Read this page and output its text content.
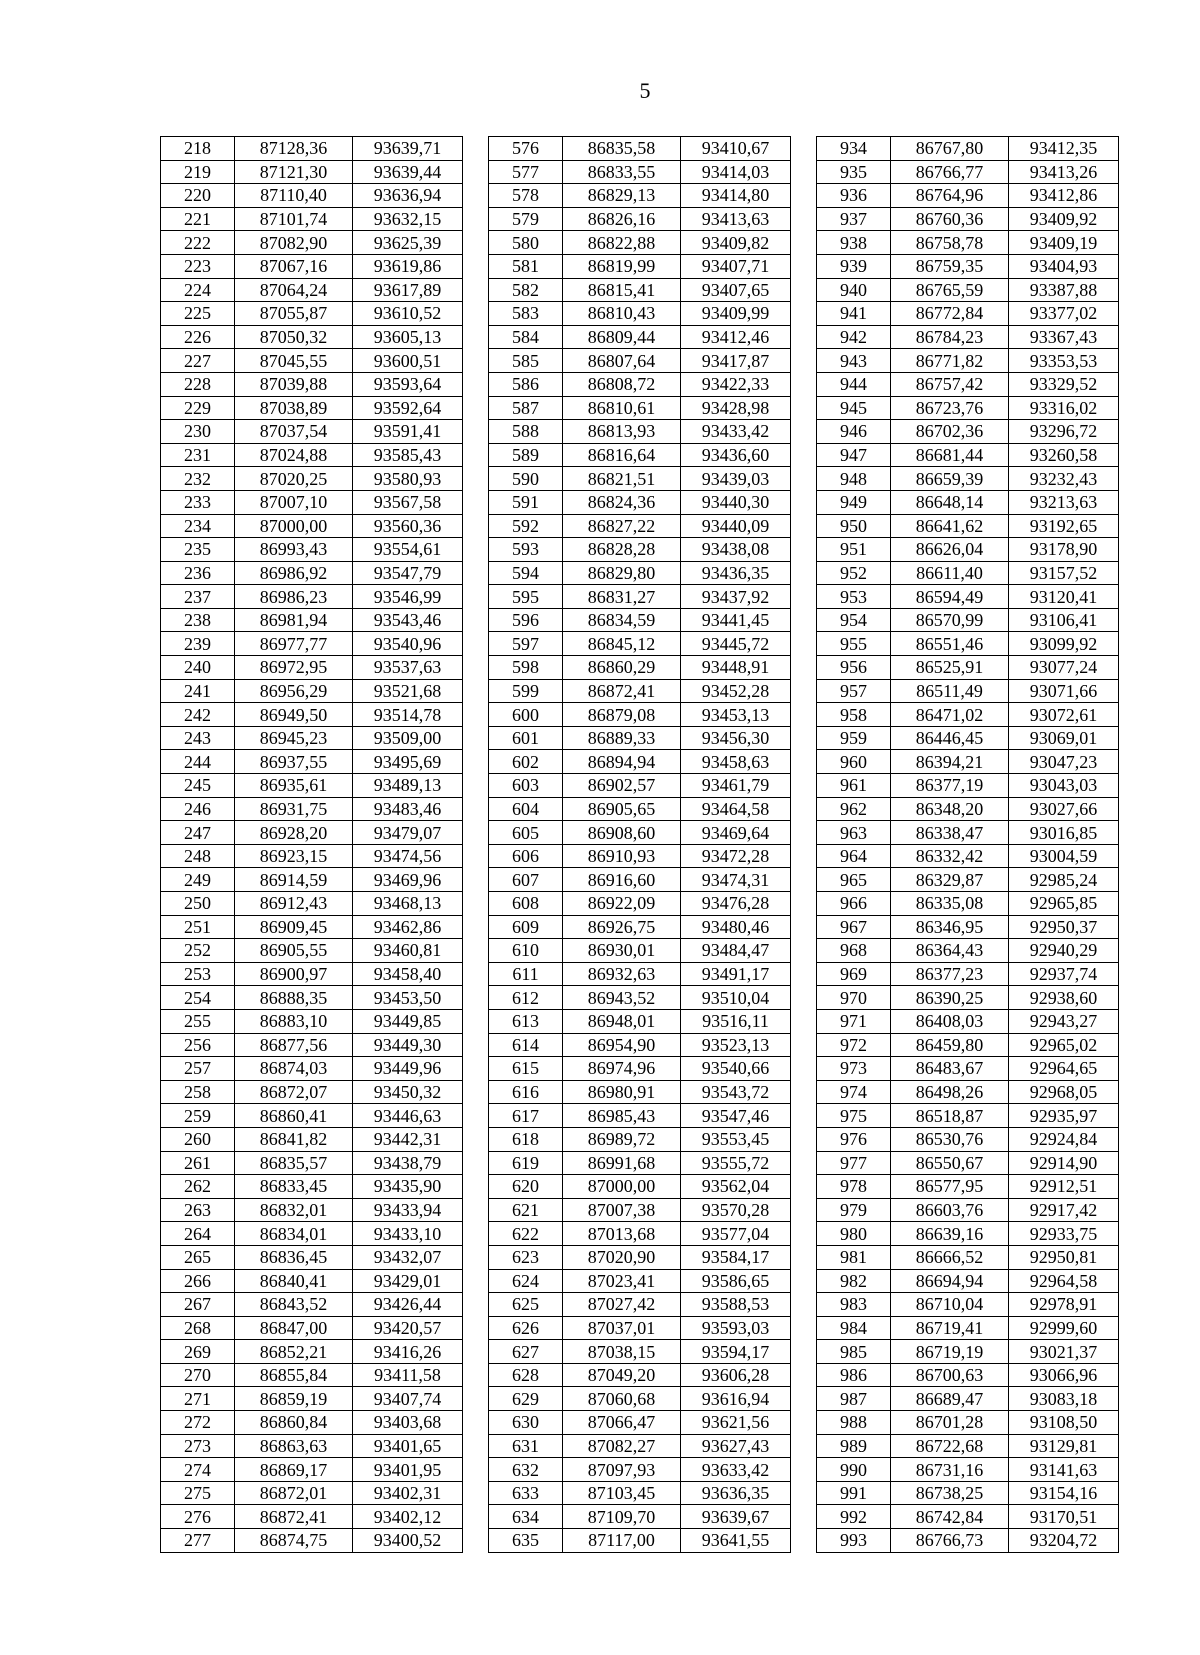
5
218	87128,36	93639,71		576	86835,58	93410,67		934	86767,80	93412,35
219	87121,30	93639,44		577	86833,55	93414,03		935	86766,77	93413,26
220	87110,40	93636,94		578	86829,13	93414,80		936	86764,96	93412,86
221	87101,74	93632,15		579	86826,16	93413,63		937	86760,36	93409,92
222	87082,90	93625,39		580	86822,88	93409,82		938	86758,78	93409,19
223	87067,16	93619,86		581	86819,99	93407,71		939	86759,35	93404,93
224	87064,24	93617,89		582	86815,41	93407,65		940	86765,59	93387,88
225	87055,87	93610,52		583	86810,43	93409,99		941	86772,84	93377,02
226	87050,32	93605,13		584	86809,44	93412,46		942	86784,23	93367,43
227	87045,55	93600,51		585	86807,64	93417,87		943	86771,82	93353,53
228	87039,88	93593,64		586	86808,72	93422,33		944	86757,42	93329,52
229	87038,89	93592,64		587	86810,61	93428,98		945	86723,76	93316,02
230	87037,54	93591,41		588	86813,93	93433,42		946	86702,36	93296,72
231	87024,88	93585,43		589	86816,64	93436,60		947	86681,44	93260,58
232	87020,25	93580,93		590	86821,51	93439,03		948	86659,39	93232,43
233	87007,10	93567,58		591	86824,36	93440,30		949	86648,14	93213,63
234	87000,00	93560,36		592	86827,22	93440,09		950	86641,62	93192,65
235	86993,43	93554,61		593	86828,28	93438,08		951	86626,04	93178,90
236	86986,92	93547,79		594	86829,80	93436,35		952	86611,40	93157,52
237	86986,23	93546,99		595	86831,27	93437,92		953	86594,49	93120,41
238	86981,94	93543,46		596	86834,59	93441,45		954	86570,99	93106,41
239	86977,77	93540,96		597	86845,12	93445,72		955	86551,46	93099,92
240	86972,95	93537,63		598	86860,29	93448,91		956	86525,91	93077,24
241	86956,29	93521,68		599	86872,41	93452,28		957	86511,49	93071,66
242	86949,50	93514,78		600	86879,08	93453,13		958	86471,02	93072,61
243	86945,23	93509,00		601	86889,33	93456,30		959	86446,45	93069,01
244	86937,55	93495,69		602	86894,94	93458,63		960	86394,21	93047,23
245	86935,61	93489,13		603	86902,57	93461,79		961	86377,19	93043,03
246	86931,75	93483,46		604	86905,65	93464,58		962	86348,20	93027,66
247	86928,20	93479,07		605	86908,60	93469,64		963	86338,47	93016,85
248	86923,15	93474,56		606	86910,93	93472,28		964	86332,42	93004,59
249	86914,59	93469,96		607	86916,60	93474,31		965	86329,87	92985,24
250	86912,43	93468,13		608	86922,09	93476,28		966	86335,08	92965,85
251	86909,45	93462,86		609	86926,75	93480,46		967	86346,95	92950,37
252	86905,55	93460,81		610	86930,01	93484,47		968	86364,43	92940,29
253	86900,97	93458,40		611	86932,63	93491,17		969	86377,23	92937,74
254	86888,35	93453,50		612	86943,52	93510,04		970	86390,25	92938,60
255	86883,10	93449,85		613	86948,01	93516,11		971	86408,03	92943,27
256	86877,56	93449,30		614	86954,90	93523,13		972	86459,80	92965,02
257	86874,03	93449,96		615	86974,96	93540,66		973	86483,67	92964,65
258	86872,07	93450,32		616	86980,91	93543,72		974	86498,26	92968,05
259	86860,41	93446,63		617	86985,43	93547,46		975	86518,87	92935,97
260	86841,82	93442,31		618	86989,72	93553,45		976	86530,76	92924,84
261	86835,57	93438,79		619	86991,68	93555,72		977	86550,67	92914,90
262	86833,45	93435,90		620	87000,00	93562,04		978	86577,95	92912,51
263	86832,01	93433,94		621	87007,38	93570,28		979	86603,76	92917,42
264	86834,01	93433,10		622	87013,68	93577,04		980	86639,16	92933,75
265	86836,45	93432,07		623	87020,90	93584,17		981	86666,52	92950,81
266	86840,41	93429,01		624	87023,41	93586,65		982	86694,94	92964,58
267	86843,52	93426,44		625	87027,42	93588,53		983	86710,04	92978,91
268	86847,00	93420,57		626	87037,01	93593,03		984	86719,41	92999,60
269	86852,21	93416,26		627	87038,15	93594,17		985	86719,19	93021,37
270	86855,84	93411,58		628	87049,20	93606,28		986	86700,63	93066,96
271	86859,19	93407,74		629	87060,68	93616,94		987	86689,47	93083,18
272	86860,84	93403,68		630	87066,47	93621,56		988	86701,28	93108,50
273	86863,63	93401,65		631	87082,27	93627,43		989	86722,68	93129,81
274	86869,17	93401,95		632	87097,93	93633,42		990	86731,16	93141,63
275	86872,01	93402,31		633	87103,45	93636,35		991	86738,25	93154,16
276	86872,41	93402,12		634	87109,70	93639,67		992	86742,84	93170,51
277	86874,75	93400,52		635	87117,00	93641,55		993	86766,73	93204,72
